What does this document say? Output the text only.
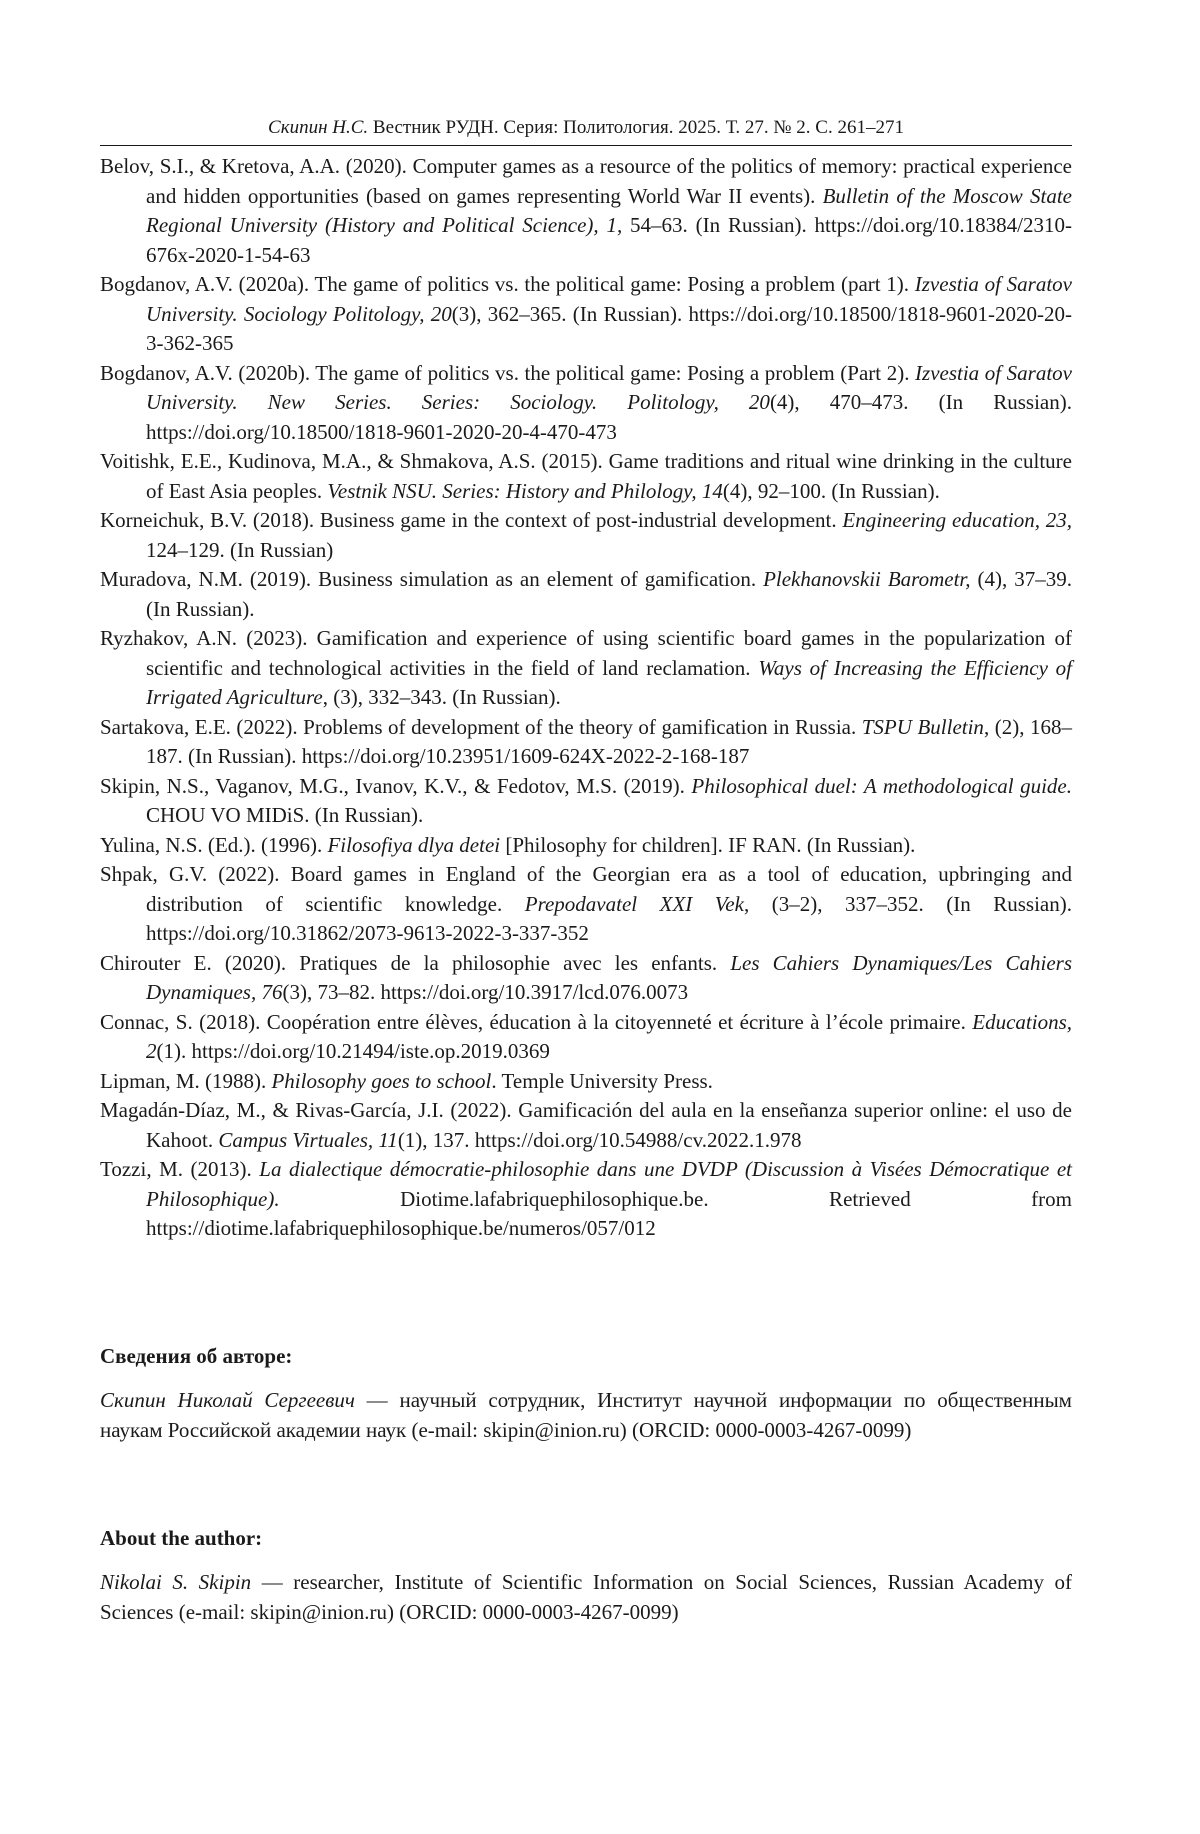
Скипин Н.С. Вестник РУДН. Серия: Политология. 2025. Т. 27. № 2. С. 261–271
Belov, S.I., & Kretova, A.A. (2020). Computer games as a resource of the politics of memory: practical experience and hidden opportunities (based on games representing World War II events). Bulletin of the Moscow State Regional University (History and Political Science), 1, 54–63. (In Russian). https://doi.org/10.18384/2310-676x-2020-1-54-63
Bogdanov, A.V. (2020a). The game of politics vs. the political game: Posing a problem (part 1). Izvestia of Saratov University. Sociology Politology, 20(3), 362–365. (In Russian). https://doi.org/10.18500/1818-9601-2020-20-3-362-365
Bogdanov, A.V. (2020b). The game of politics vs. the political game: Posing a problem (Part 2). Izvestia of Saratov University. New Series. Series: Sociology. Politology, 20(4), 470–473. (In Russian). https://doi.org/10.18500/1818-9601-2020-20-4-470-473
Voitishk, E.E., Kudinova, M.A., & Shmakova, A.S. (2015). Game traditions and ritual wine drinking in the culture of East Asia peoples. Vestnik NSU. Series: History and Philology, 14(4), 92–100. (In Russian).
Korneichuk, B.V. (2018). Business game in the context of post-industrial development. Engineering education, 23, 124–129. (In Russian)
Muradova, N.M. (2019). Business simulation as an element of gamification. Plekhanovskii Barometr, (4), 37–39. (In Russian).
Ryzhakov, A.N. (2023). Gamification and experience of using scientific board games in the popularization of scientific and technological activities in the field of land reclamation. Ways of Increasing the Efficiency of Irrigated Agriculture, (3), 332–343. (In Russian).
Sartakova, E.E. (2022). Problems of development of the theory of gamification in Russia. TSPU Bulletin, (2), 168–187. (In Russian). https://doi.org/10.23951/1609-624X-2022-2-168-187
Skipin, N.S., Vaganov, M.G., Ivanov, K.V., & Fedotov, M.S. (2019). Philosophical duel: A methodological guide. CHOU VO MIDiS. (In Russian).
Yulina, N.S. (Ed.). (1996). Filosofiya dlya detei [Philosophy for children]. IF RAN. (In Russian).
Shpak, G.V. (2022). Board games in England of the Georgian era as a tool of education, upbringing and distribution of scientific knowledge. Prepodavatel XXI Vek, (3–2), 337–352. (In Russian). https://doi.org/10.31862/2073-9613-2022-3-337-352
Chirouter E. (2020). Pratiques de la philosophie avec les enfants. Les Cahiers Dynamiques/Les Cahiers Dynamiques, 76(3), 73–82. https://doi.org/10.3917/lcd.076.0073
Connac, S. (2018). Coopération entre élèves, éducation à la citoyenneté et écriture à l’école primaire. Educations, 2(1). https://doi.org/10.21494/iste.op.2019.0369
Lipman, M. (1988). Philosophy goes to school. Temple University Press.
Magadán-Díaz, M., & Rivas-García, J.I. (2022). Gamificación del aula en la enseñanza superior online: el uso de Kahoot. Campus Virtuales, 11(1), 137. https://doi.org/10.54988/cv.2022.1.978
Tozzi, M. (2013). La dialectique démocratie-philosophie dans une DVDP (Discussion à Visées Démocratique et Philosophique). Diotime.lafabriquephilosophique.be. Retrieved from https://diotime.lafabriquephilosophique.be/numeros/057/012
Сведения об авторе:

Скипин Николай Сергеевич — научный сотрудник, Институт научной информации по общественным наукам Российской академии наук (e-mail: skipin@inion.ru) (ORCID: 0000-0003-4267-0099)

About the author:

Nikolai S. Skipin — researcher, Institute of Scientific Information on Social Sciences, Russian Academy of Sciences (e-mail: skipin@inion.ru) (ORCID: 0000-0003-4267-0099)
